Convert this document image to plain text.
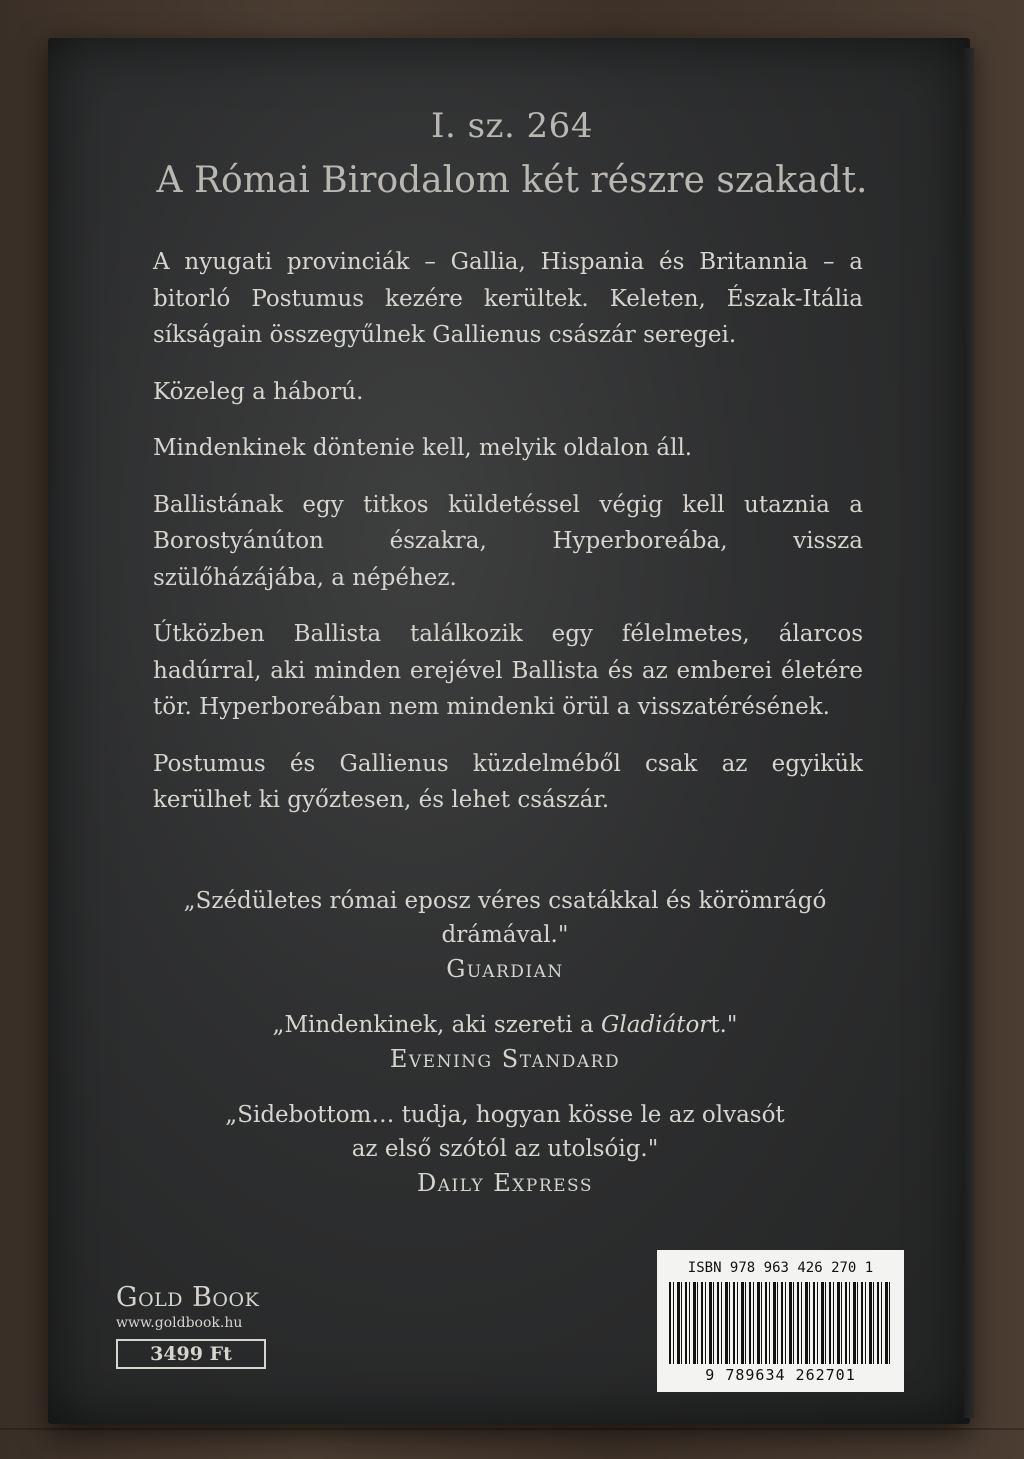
I. sz. 264
A Római Birodalom két részre szakadt.

A nyugati provinciák – Gallia, Hispania és Britannia – a bitorló Postumus kezére kerültek. Keleten, Észak-Itália síkságain összegyűlnek Gallienus császár seregei.

Közeleg a háború.

Mindenkinek döntenie kell, melyik oldalon áll.

Ballistának egy titkos küldetéssel végig kell utaznia a Borostyánúton északra, Hyperboreába, vissza szülőházájába, a népéhez.

Útközben Ballista találkozik egy félelmetes, álarcos hadúrral, aki minden erejével Ballista és az emberei életére tör. Hyperboreában nem mindenki örül a visszatérésének.

Postumus és Gallienus küzdelméből csak az egyikük kerülhet ki győztesen, és lehet császár.

„Szédületes római eposz véres csatákkal és körömrágó drámával."
Guardian
„Mindenkinek, aki szereti a Gladiátort."
Evening Standard
„Sidebottom… tudja, hogyan kösse le az olvasót
az első szótól az utolsóig."
Daily Express
Gold Book
www.goldbook.hu
3499 Ft
ISBN 978 963 426 270 1
9 789634 262701
